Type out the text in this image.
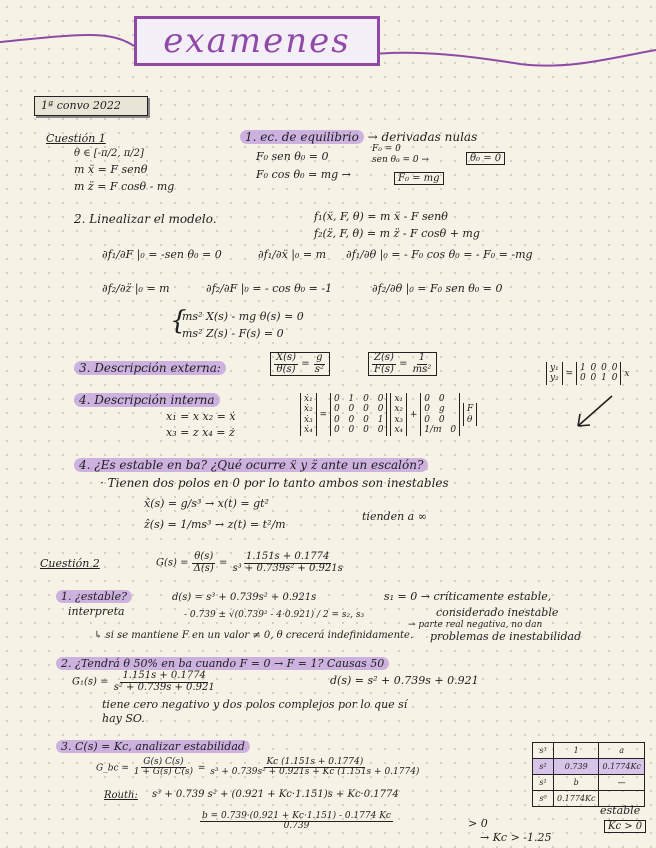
examenes
1ª convo 2022
Cuestión 1
θ ∈ [-π/2, π/2]
m ẍ = F senθ
m z̈ = F cosθ - mg
1. ec. de equilibrio → derivadas nulas
F₀ sen θ₀ = 0
F₀ = 0
sen θ₀ = 0 →	θ₀ = 0
F₀ cos θ₀ = mg →	F₀ = mg
2. Linealizar el modelo.	f₁(ẍ, F, θ) = m ẍ - F senθ
f₂(z̈, F, θ) = m z̈ - F cosθ + mg
∂f₁/∂F |₀ = -sen θ₀ = 0	∂f₁/∂ẍ |₀ = m ∂f₁/∂θ |₀ = - F₀ cos θ₀ = - F₀ = -mg
∂f₂/∂z̈ |₀ = m	∂f₂/∂F |₀ = - cos θ₀ = -1	∂f₂/∂θ |₀ = F₀ sen θ₀ = 0
{
ms² X(s) - mg θ(s) = 0
ms² Z(s) - F(s) = 0
3. Descripción externa:	$\frac{X(s)}{\theta(s)} = \frac{g}{\text{s²}}$	$\frac{Z(s)}{F(s)} = \frac{1}{\text{ms²}}$
4. Descripción interna
x₁ = x x₂ = ẋ
x₃ = z x₄ = ż
ẋ₁
ẋ₂
ẋ₃
ẋ₄
=
0 1 0 0
0 0 0 0
0 0 0 1
0 0 0 0

x₁
x₂
x₃
x₄
+
0 0
0 g
0 0
1/m 0

F
θ
y₁
y₂ =
1 0 0 0
0 0 1 0 x
4. ¿Es estable en ba? ¿Qué ocurre ẍ y z̈ ante un escalón?
· Tienen dos polos en 0 por lo tanto ambos son inestables
x̂(s) = g/s³ → x(t) = gt²
ẑ(s) = 1/ms³ → z(t) = t²/m
tienden a ∞
Cuestión 2	$G(s) = \frac{\theta(s)}{\Delta(s)} = \frac{1.151s + 0.1774}{\text{s³ + 0.739s² + 0.921s}}$
1. ¿estable?
interpreta
d(s) = s³ + 0.739s² + 0.921s	s₁ = 0 → críticamente estable,
considerado inestable
- 0.739 ± √(0.739² - 4·0.921) / 2 = s₂, s₃
→ parte real negativa, no dan
problemas de inestabilidad
↳ si se mantiene F en un valor ≠ 0, θ crecerá indefinidamente.
2. ¿Tendrá θ 50% en ba cuando F = 0 → F = 1? Causas 50
$G_1(s) = \frac{1.151s + 0.1774}{\text{s² + 0.739s + 0.921}}$	d(s) = s² + 0.739s + 0.921
tiene cero negativo y dos polos complejos por lo que sí
hay SO.
3. C(s) = Kc, analizar estabilidad
G_bc = $\frac{G(s) C(s)}{1 + G(s) C(s)} = \frac{Kc (1.151s + 0.1774)}{\text{s³ + 0.739s² + 0.921s + Kc (1.151s + 0.1774)}}$
Routh: s³ + 0.739 s² + (0.921 + Kc·1.151)s + Kc·0.1774
$\frac{b = 0.739\cdot(0.921 + Kc\cdot 1.151) - 0.1774 Kc}{0.739}$	> 0
→ Kc > -1.25
s³	1	a
s²	0.739	0.1774Kc
s¹	b	—
s⁰	0.1774Kc	
estable
Kc > 0
